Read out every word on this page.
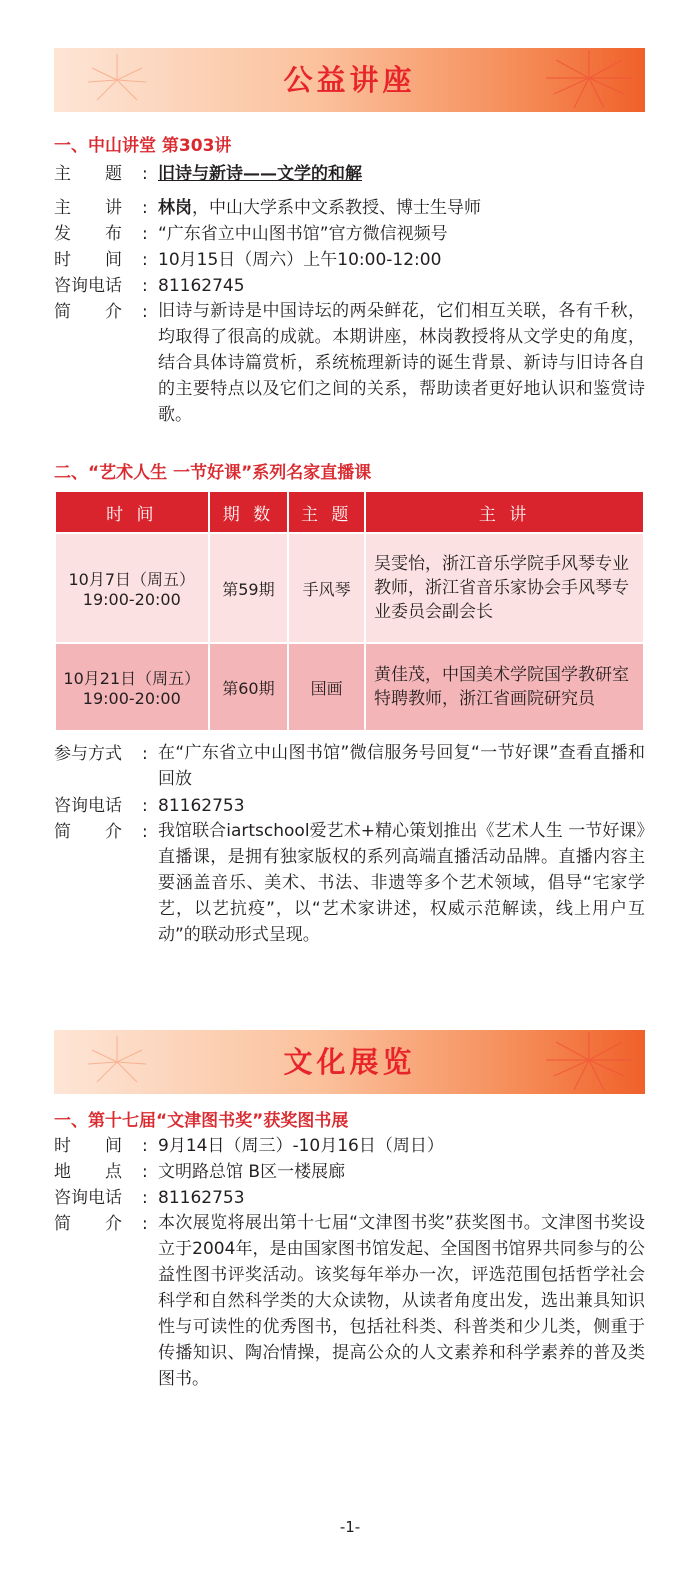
公益讲座
一、中山讲堂 第303讲
主　　题	: 旧诗与新诗——文学的和解
主　　讲	: 林岗，中山大学系中文系教授、博士生导师
发　　布	: “广东省立中山图书馆”官方微信视频号
时　　间	: 10月15日（周六）上午10:00-12:00
咨询电话	: 81162745
简　　介	: 旧诗与新诗是中国诗坛的两朵鲜花，它们相互关联，各有千秋，均取得了很高的成就。本期讲座，林岗教授将从文学史的角度，结合具体诗篇赏析，系统梳理新诗的诞生背景、新诗与旧诗各自的主要特点以及它们之间的关系，帮助读者更好地认识和鉴赏诗歌。
二、“艺术人生 一节好课”系列名家直播课
时 间	期 数	主 题	主 讲

10月7日（周五）
19:00-20:00	第59期	手风琴	吴雯怡，浙江音乐学院手风琴专业教师，浙江省音乐家协会手风琴专业委员会副会长

10月21日（周五）
19:00-20:00	第60期	国画	黄佳茂，中国美术学院国学教研室特聘教师，浙江省画院研究员
参与方式	: 在“广东省立中山图书馆”微信服务号回复“一节好课”查看直播和回放
咨询电话	: 81162753
简　　介	: 我馆联合iartschool爱艺术+精心策划推出《艺术人生 一节好课》直播课，是拥有独家版权的系列高端直播活动品牌。直播内容主要涵盖音乐、美术、书法、非遗等多个艺术领域，倡导“宅家学艺，以艺抗疫”，以“艺术家讲述，权威示范解读，线上用户互动”的联动形式呈现。
文化展览
一、第十七届“文津图书奖”获奖图书展
时　　间	: 9月14日（周三）-10月16日（周日）
地　　点	: 文明路总馆 B区一楼展廊
咨询电话	: 81162753
简　　介	: 本次展览将展出第十七届“文津图书奖”获奖图书。文津图书奖设立于2004年，是由国家图书馆发起、全国图书馆界共同参与的公益性图书评奖活动。该奖每年举办一次，评选范围包括哲学社会科学和自然科学类的大众读物，从读者角度出发，选出兼具知识性与可读性的优秀图书，包括社科类、科普类和少儿类，侧重于传播知识、陶冶情操，提高公众的人文素养和科学素养的普及类图书。
-1-
